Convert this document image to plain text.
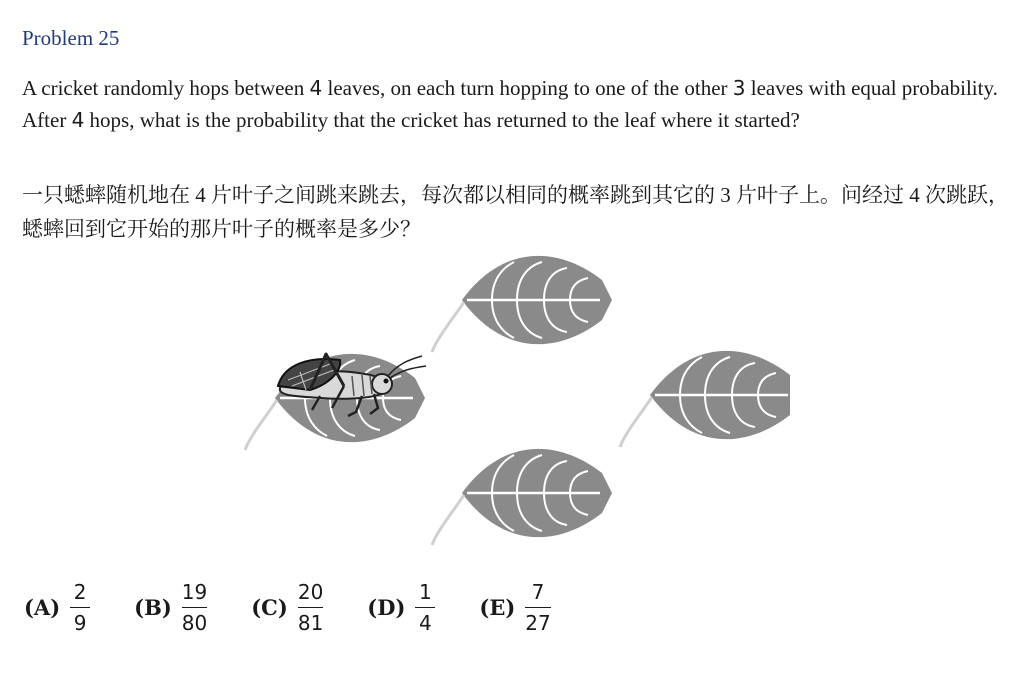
Problem 25
A cricket randomly hops between 4 leaves, on each turn hopping to one of the other 3 leaves with equal probability. After 4 hops, what is the probability that the cricket has returned to the leaf where it started?
一只蟋蟀随机地在 4 片叶子之间跳来跳去，每次都以相同的概率跳到其它的 3 片叶子上。问经过 4 次跳跃，蟋蟀回到它开始的那片叶子的概率是多少？
$(A) \frac{2}{9} (B) \frac{19}{80} (C) \frac{20}{81} (D) \frac{1}{4} (E) \frac{7}{27}$
